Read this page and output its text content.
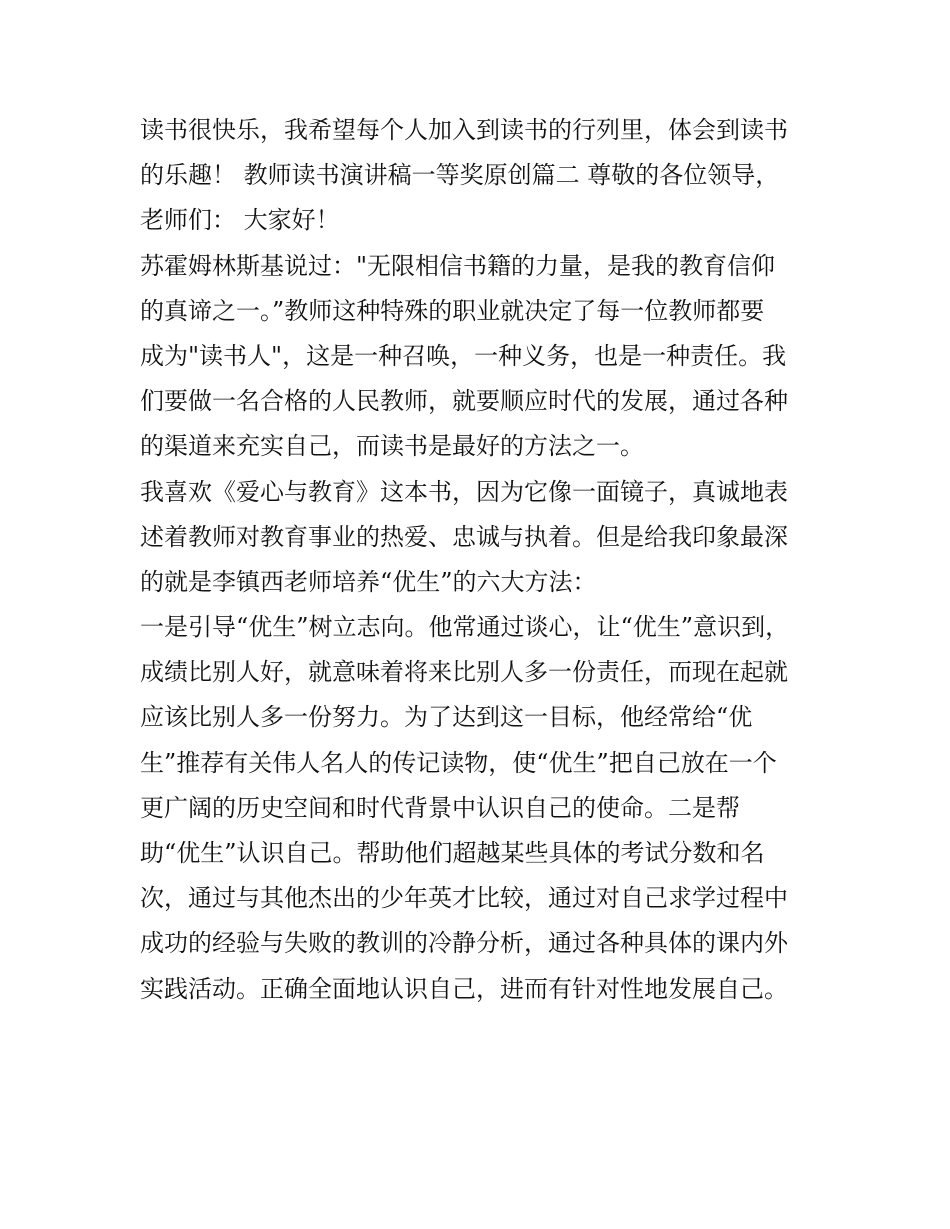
读书很快乐，我希望每个人加入到读书的行列里，体会到读书
的乐趣！ 教师读书演讲稿一等奖原创篇二 尊敬的各位领导，
老师们： 大家好！
苏霍姆林斯基说过："无限相信书籍的力量，是我的教育信仰
的真谛之一。”教师这种特殊的职业就决定了每一位教师都要
成为"读书人"，这是一种召唤，一种义务，也是一种责任。我
们要做一名合格的人民教师，就要顺应时代的发展，通过各种
的渠道来充实自己，而读书是最好的方法之一。
我喜欢《爱心与教育》这本书，因为它像一面镜子，真诚地表
述着教师对教育事业的热爱、忠诚与执着。但是给我印象最深
的就是李镇西老师培养“优生”的六大方法：
一是引导“优生”树立志向。他常通过谈心，让“优生”意识到，
成绩比别人好，就意味着将来比别人多一份责任，而现在起就
应该比别人多一份努力。为了达到这一目标，他经常给“优
生”推荐有关伟人名人的传记读物，使“优生”把自己放在一个
更广阔的历史空间和时代背景中认识自己的使命。二是帮
助“优生”认识自己。帮助他们超越某些具体的考试分数和名
次，通过与其他杰出的少年英才比较，通过对自己求学过程中
成功的经验与失败的教训的冷静分析，通过各种具体的课内外
实践活动。正确全面地认识自己，进而有针对性地发展自己。
